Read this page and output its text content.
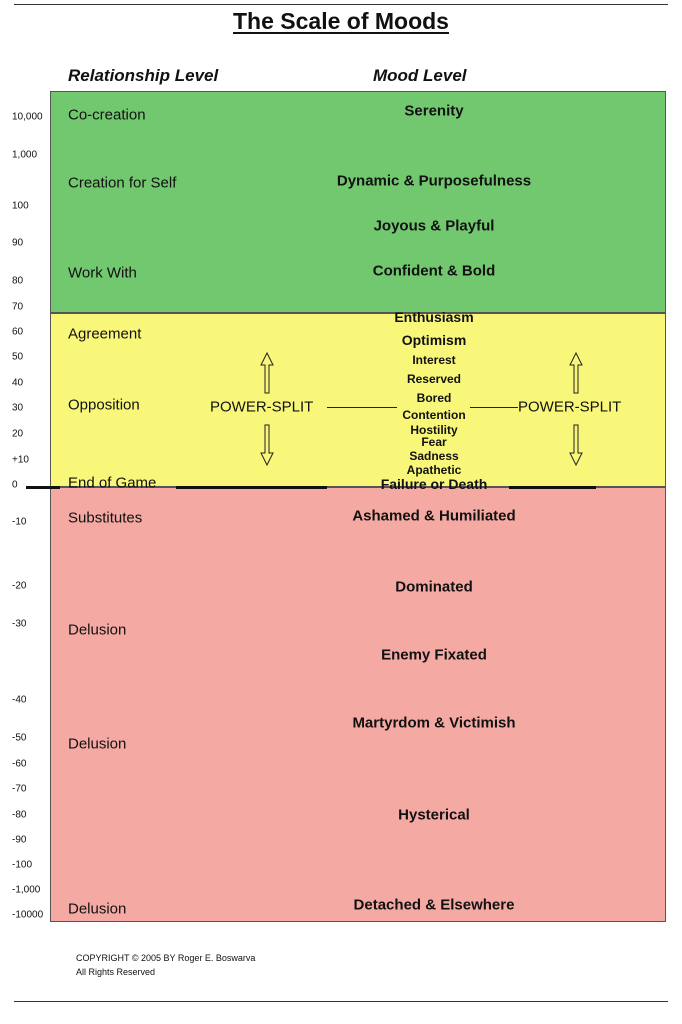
The Scale of Moods
Relationship Level	Mood Level
10,000
1,000
100
90
80
70
60
50
40
30
20
+10
0
-10
-20
-30
-40
-50
-60
-70
-80
-90
-100
-1,000
-10000
Co-creation
Creation for Self
Work With
Agreement
Opposition
End of Game
Substitutes
Delusion
Delusion
Delusion
Serenity
Dynamic & Purposefulness
Joyous & Playful
Confident & Bold
Enthusiasm
Optimism
Interest
Reserved
Bored
Contention
Hostility
Fear
Sadness
Apathetic
Failure or Death
Ashamed & Humiliated
Dominated
Enemy Fixated
Martyrdom & Victimish
Hysterical
Detached & Elsewhere
POWER-SPLIT	POWER-SPLIT
COPYRIGHT © 2005 BY Roger E. Boswarva
All Rights Reserved
